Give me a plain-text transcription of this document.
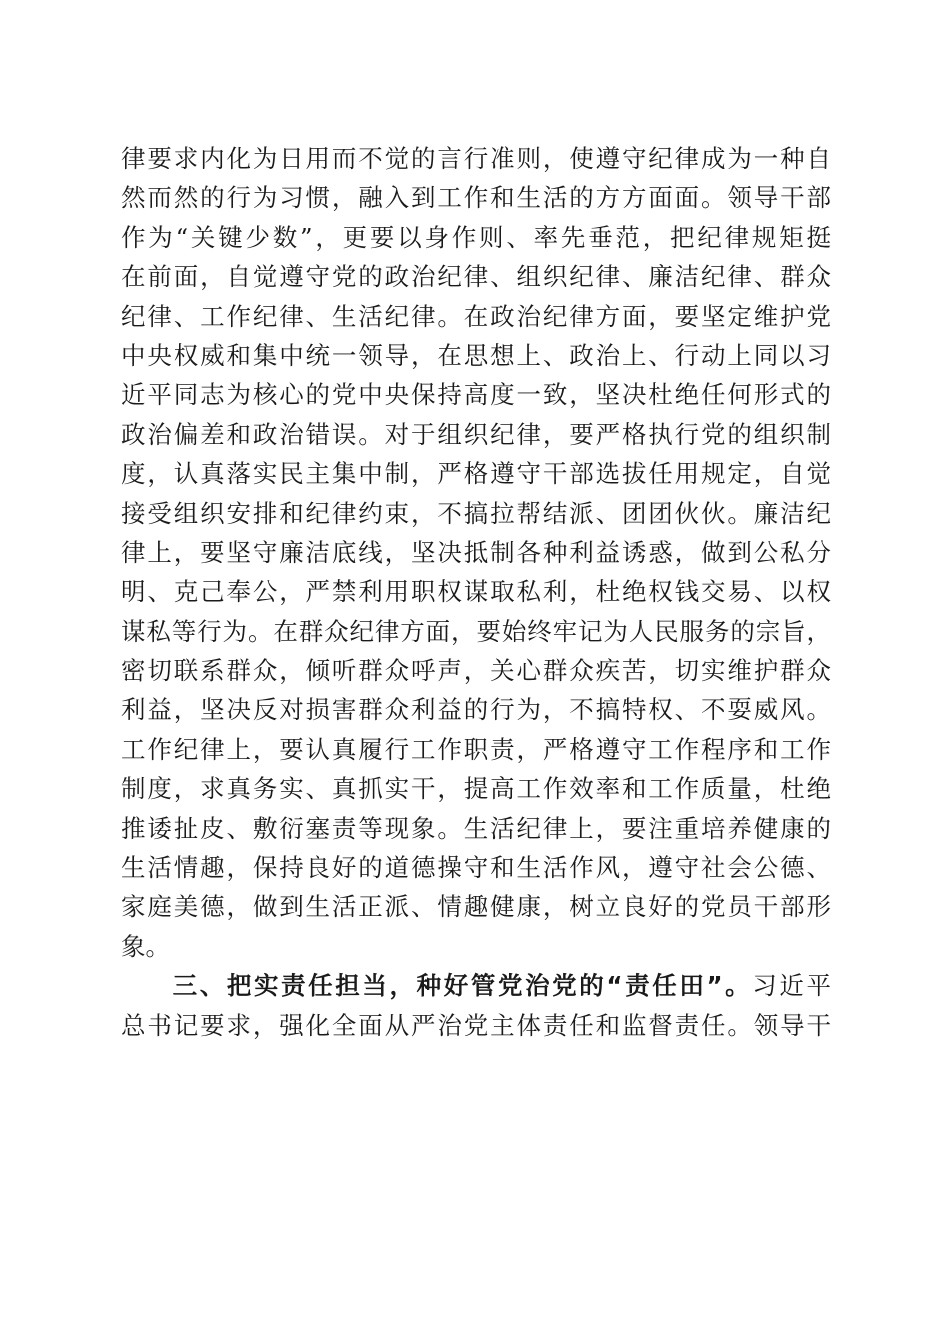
律要求内化为日用而不觉的言行准则，使遵守纪律成为一种自
然而然的行为习惯，融入到工作和生活的方方面面。领导干部
作为“关键少数”，更要以身作则、率先垂范，把纪律规矩挺
在前面，自觉遵守党的政治纪律、组织纪律、廉洁纪律、群众
纪律、工作纪律、生活纪律。在政治纪律方面，要坚定维护党
中央权威和集中统一领导，在思想上、政治上、行动上同以习
近平同志为核心的党中央保持高度一致，坚决杜绝任何形式的
政治偏差和政治错误。对于组织纪律，要严格执行党的组织制
度，认真落实民主集中制，严格遵守干部选拔任用规定，自觉
接受组织安排和纪律约束，不搞拉帮结派、团团伙伙。廉洁纪
律上，要坚守廉洁底线，坚决抵制各种利益诱惑，做到公私分
明、克己奉公，严禁利用职权谋取私利，杜绝权钱交易、以权
谋私等行为。在群众纪律方面，要始终牢记为人民服务的宗旨，
密切联系群众，倾听群众呼声，关心群众疾苦，切实维护群众
利益，坚决反对损害群众利益的行为，不搞特权、不耍威风。
工作纪律上，要认真履行工作职责，严格遵守工作程序和工作
制度，求真务实、真抓实干，提高工作效率和工作质量，杜绝
推诿扯皮、敷衍塞责等现象。生活纪律上，要注重培养健康的
生活情趣，保持良好的道德操守和生活作风，遵守社会公德、
家庭美德，做到生活正派、情趣健康，树立良好的党员干部形
象。
三、把实责任担当，种好管党治党的“责任田”。习近平
总书记要求，强化全面从严治党主体责任和监督责任。领导干
